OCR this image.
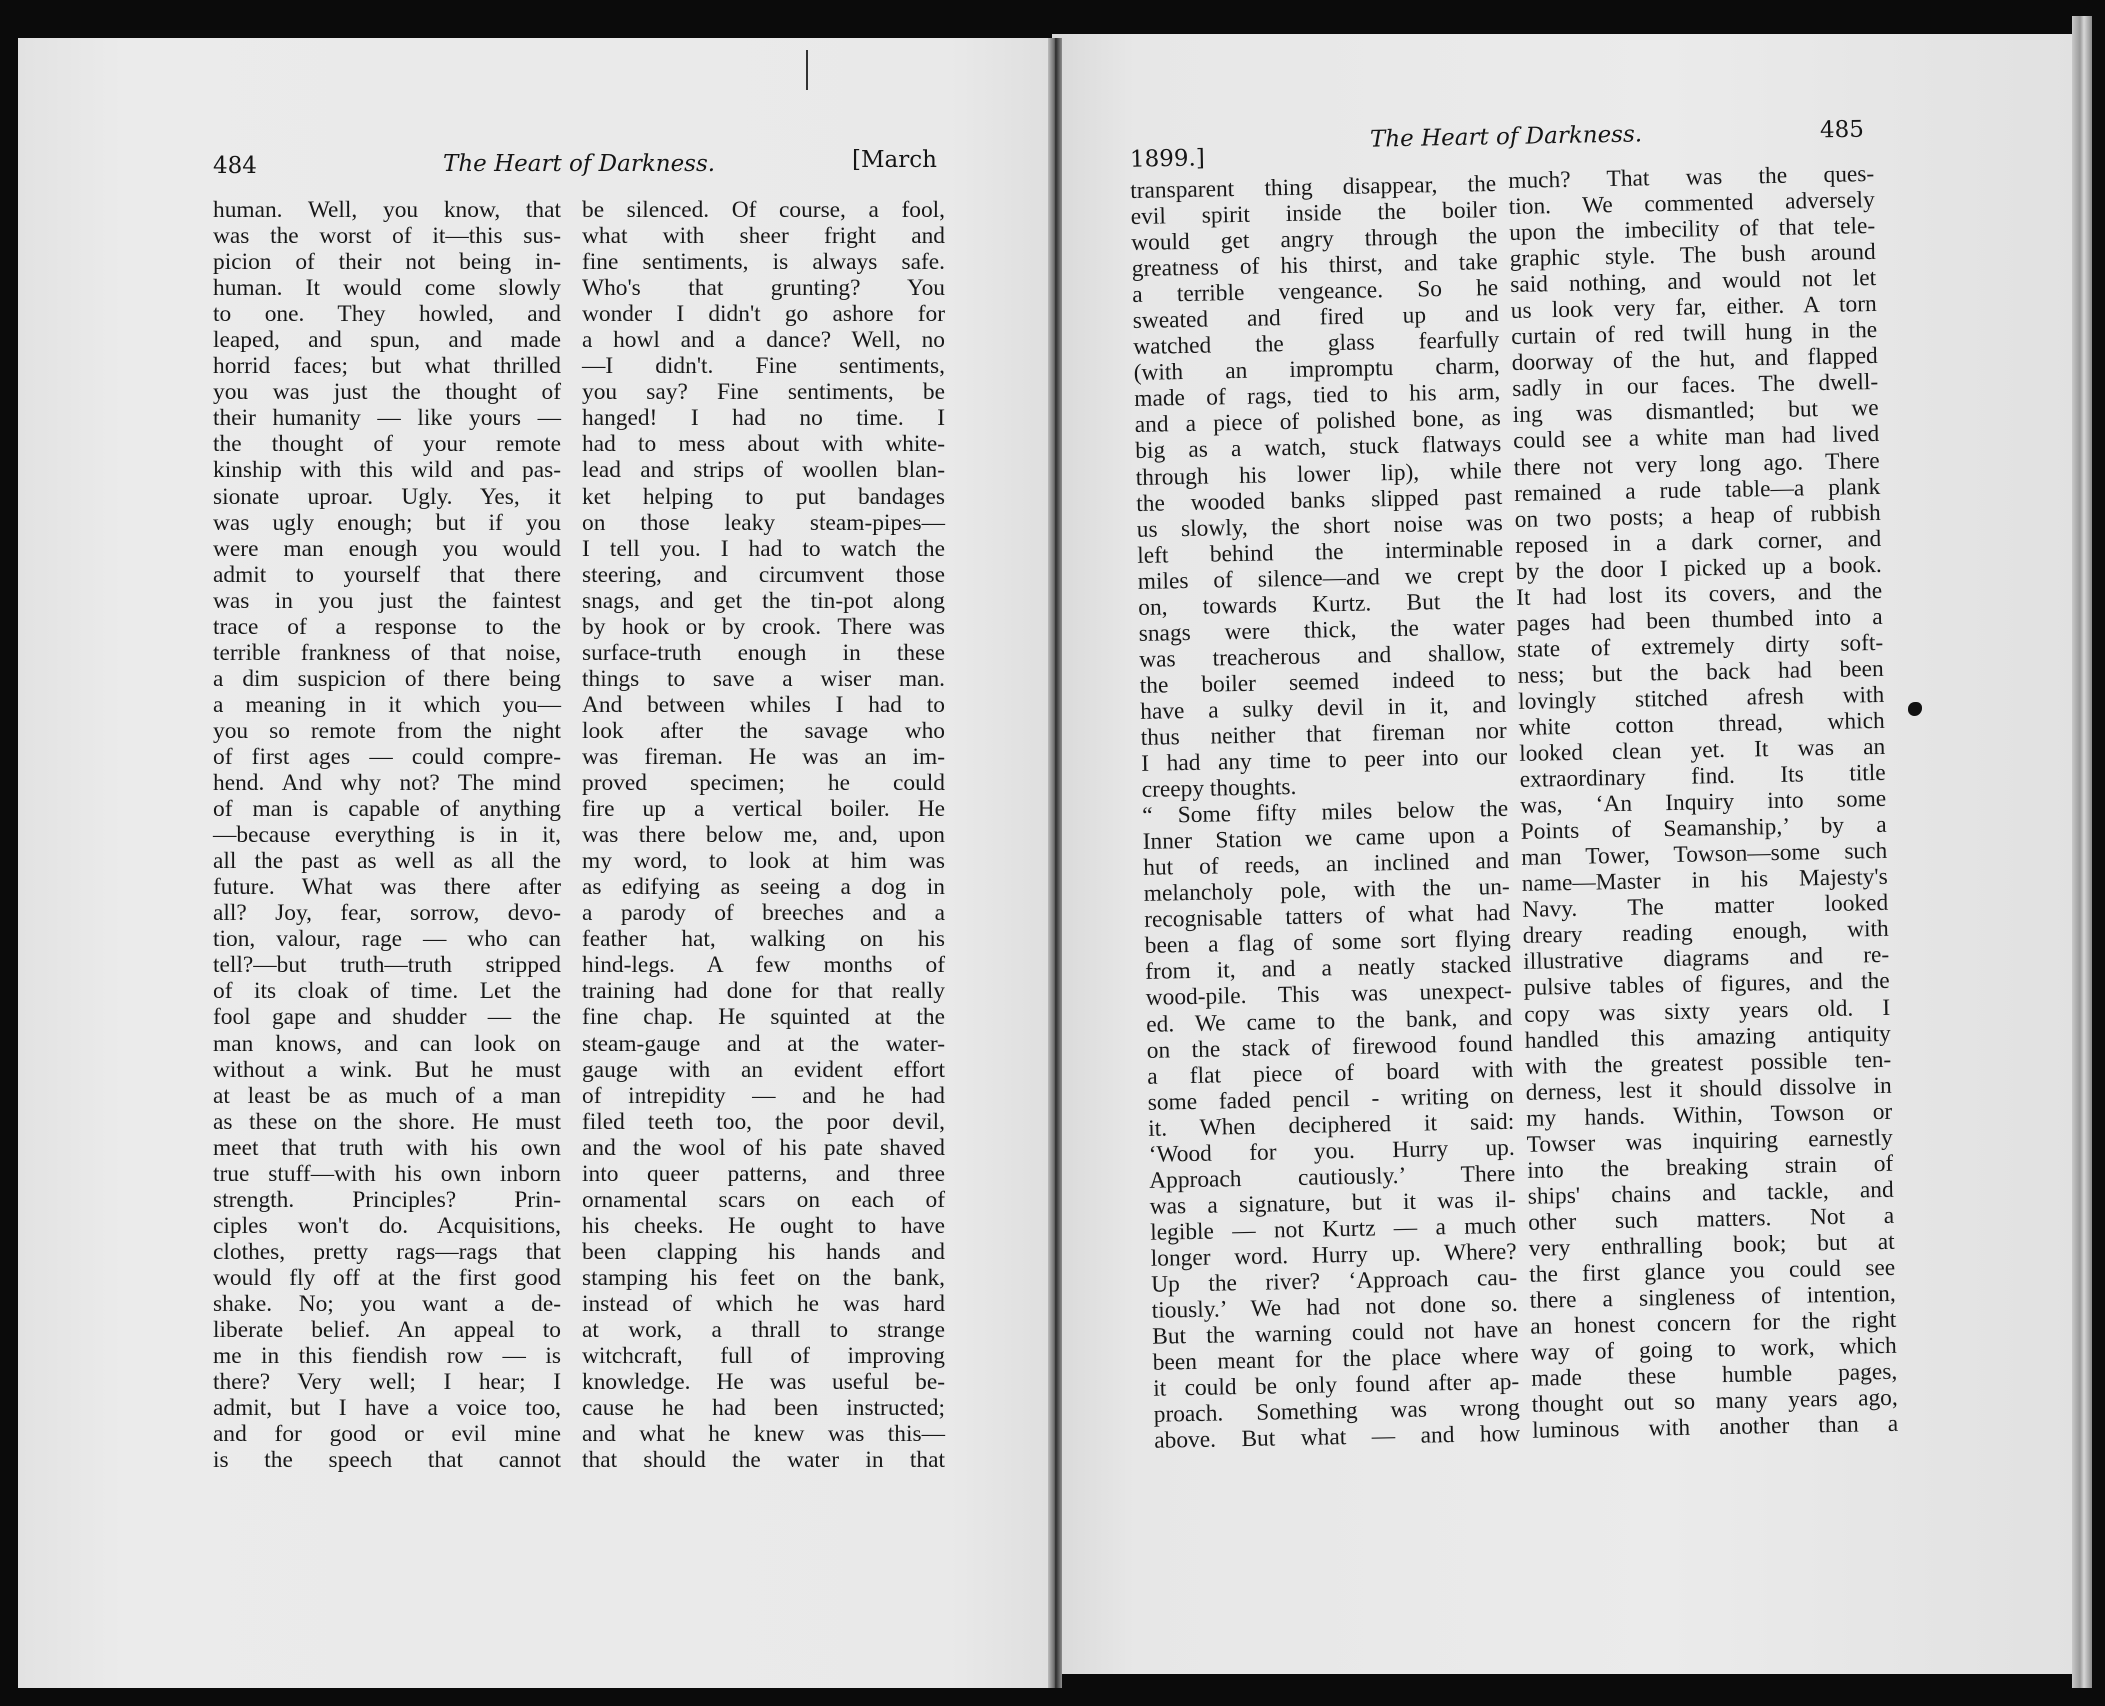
484	The Heart of Darkness.	[March	1899.]
The Heart of Darkness.	485
human. Well, you know, that
was the worst of it—this sus-
picion of their not being in-
human. It would come slowly
to one. They howled, and
leaped, and spun, and made
horrid faces; but what thrilled
you was just the thought of
their humanity — like yours —
the thought of your remote
kinship with this wild and pas-
sionate uproar. Ugly. Yes, it
was ugly enough; but if you
were man enough you would
admit to yourself that there
was in you just the faintest
trace of a response to the
terrible frankness of that noise,
a dim suspicion of there being
a meaning in it which you—
you so remote from the night
of first ages — could compre-
hend. And why not? The mind
of man is capable of anything
—because everything is in it,
all the past as well as all the
future. What was there after
all? Joy, fear, sorrow, devo-
tion, valour, rage — who can
tell?—but truth—truth stripped
of its cloak of time. Let the
fool gape and shudder — the
man knows, and can look on
without a wink. But he must
at least be as much of a man
as these on the shore. He must
meet that truth with his own
true stuff—with his own inborn
strength. Principles? Prin-
ciples won't do. Acquisitions,
clothes, pretty rags—rags that
would fly off at the first good
shake. No; you want a de-
liberate belief. An appeal to
me in this fiendish row — is
there? Very well; I hear; I
admit, but I have a voice too,
and for good or evil mine
is the speech that cannot
be silenced. Of course, a fool,
what with sheer fright and
fine sentiments, is always safe.
Who's that grunting? You
wonder I didn't go ashore for
a howl and a dance? Well, no
—I didn't. Fine sentiments,
you say? Fine sentiments, be
hanged! I had no time. I
had to mess about with white-
lead and strips of woollen blan-
ket helping to put bandages
on those leaky steam-pipes—
I tell you. I had to watch the
steering, and circumvent those
snags, and get the tin-pot along
by hook or by crook. There was
surface-truth enough in these
things to save a wiser man.
And between whiles I had to
look after the savage who
was fireman. He was an im-
proved specimen; he could
fire up a vertical boiler. He
was there below me, and, upon
my word, to look at him was
as edifying as seeing a dog in
a parody of breeches and a
feather hat, walking on his
hind-legs. A few months of
training had done for that really
fine chap. He squinted at the
steam-gauge and at the water-
gauge with an evident effort
of intrepidity — and he had
filed teeth too, the poor devil,
and the wool of his pate shaved
into queer patterns, and three
ornamental scars on each of
his cheeks. He ought to have
been clapping his hands and
stamping his feet on the bank,
instead of which he was hard
at work, a thrall to strange
witchcraft, full of improving
knowledge. He was useful be-
cause he had been instructed;
and what he knew was this—
that should the water in that
transparent thing disappear, the
evil spirit inside the boiler
would get angry through the
greatness of his thirst, and take
a terrible vengeance. So he
sweated and fired up and
watched the glass fearfully
(with an impromptu charm,
made of rags, tied to his arm,
and a piece of polished bone, as
big as a watch, stuck flatways
through his lower lip), while
the wooded banks slipped past
us slowly, the short noise was
left behind the interminable
miles of silence—and we crept
on, towards Kurtz. But the
snags were thick, the water
was treacherous and shallow,
the boiler seemed indeed to
have a sulky devil in it, and
thus neither that fireman nor
I had any time to peer into our
creepy thoughts.
“ Some fifty miles below the
Inner Station we came upon a
hut of reeds, an inclined and
melancholy pole, with the un-
recognisable tatters of what had
been a flag of some sort flying
from it, and a neatly stacked
wood-pile. This was unexpect-
ed. We came to the bank, and
on the stack of firewood found
a flat piece of board with
some faded pencil - writing on
it. When deciphered it said:
‘Wood for you. Hurry up.
Approach cautiously.’ There
was a signature, but it was il-
legible — not Kurtz — a much
longer word. Hurry up. Where?
Up the river? ‘Approach cau-
tiously.’ We had not done so.
But the warning could not have
been meant for the place where
it could be only found after ap-
proach. Something was wrong
above. But what — and how
much? That was the ques-
tion. We commented adversely
upon the imbecility of that tele-
graphic style. The bush around
said nothing, and would not let
us look very far, either. A torn
curtain of red twill hung in the
doorway of the hut, and flapped
sadly in our faces. The dwell-
ing was dismantled; but we
could see a white man had lived
there not very long ago. There
remained a rude table—a plank
on two posts; a heap of rubbish
reposed in a dark corner, and
by the door I picked up a book.
It had lost its covers, and the
pages had been thumbed into a
state of extremely dirty soft-
ness; but the back had been
lovingly stitched afresh with
white cotton thread, which
looked clean yet. It was an
extraordinary find. Its title
was, ‘An Inquiry into some
Points of Seamanship,’ by a
man Tower, Towson—some such
name—Master in his Majesty's
Navy. The matter looked
dreary reading enough, with
illustrative diagrams and re-
pulsive tables of figures, and the
copy was sixty years old. I
handled this amazing antiquity
with the greatest possible ten-
derness, lest it should dissolve in
my hands. Within, Towson or
Towser was inquiring earnestly
into the breaking strain of
ships' chains and tackle, and
other such matters. Not a
very enthralling book; but at
the first glance you could see
there a singleness of intention,
an honest concern for the right
way of going to work, which
made these humble pages,
thought out so many years ago,
luminous with another than a
